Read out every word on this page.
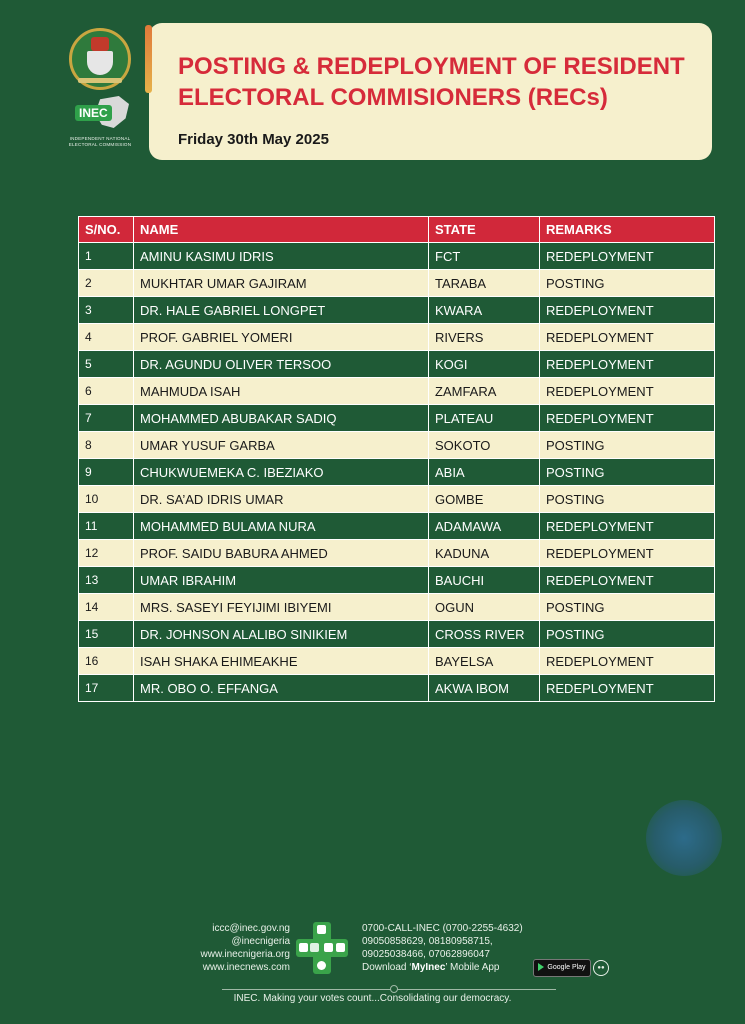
INEC
INDEPENDENT NATIONAL ELECTORAL COMMISSION
POSTING & REDEPLOYMENT OF RESIDENT ELECTORAL COMMISIONERS (RECs)
Friday 30th May 2025
S/NO.	NAME	STATE	REMARKS
1	AMINU KASIMU IDRIS	FCT	REDEPLOYMENT
2	MUKHTAR UMAR GAJIRAM	TARABA	POSTING
3	DR. HALE GABRIEL LONGPET	KWARA	REDEPLOYMENT
4	PROF. GABRIEL YOMERI	RIVERS	REDEPLOYMENT
5	DR. AGUNDU OLIVER TERSOO	KOGI	REDEPLOYMENT
6	MAHMUDA ISAH	ZAMFARA	REDEPLOYMENT
7	MOHAMMED ABUBAKAR SADIQ	PLATEAU	REDEPLOYMENT
8	UMAR YUSUF GARBA	SOKOTO	POSTING
9	CHUKWUEMEKA C. IBEZIAKO	ABIA	POSTING
10	DR. SA’AD IDRIS UMAR	GOMBE	POSTING
11	MOHAMMED BULAMA NURA	ADAMAWA	REDEPLOYMENT
12	PROF. SAIDU BABURA AHMED	KADUNA	REDEPLOYMENT
13	UMAR IBRAHIM	BAUCHI	REDEPLOYMENT
14	MRS. SASEYI FEYIJIMI IBIYEMI	OGUN	POSTING
15	DR. JOHNSON ALALIBO SINIKIEM	CROSS RIVER	POSTING
16	ISAH SHAKA EHIMEAKHE	BAYELSA	REDEPLOYMENT
17	MR. OBO O. EFFANGA	AKWA IBOM	REDEPLOYMENT
iccc@inec.gov.ng
@inecnigeria
www.inecnigeria.org
www.inecnews.com
0700-CALL-INEC (0700-2255-4632)
09050858629, 08180958715,
09025038466, 07062896047
Download ‘MyInec’ Mobile App	Google Play	●●
INEC. Making your votes count...Consolidating our democracy.
